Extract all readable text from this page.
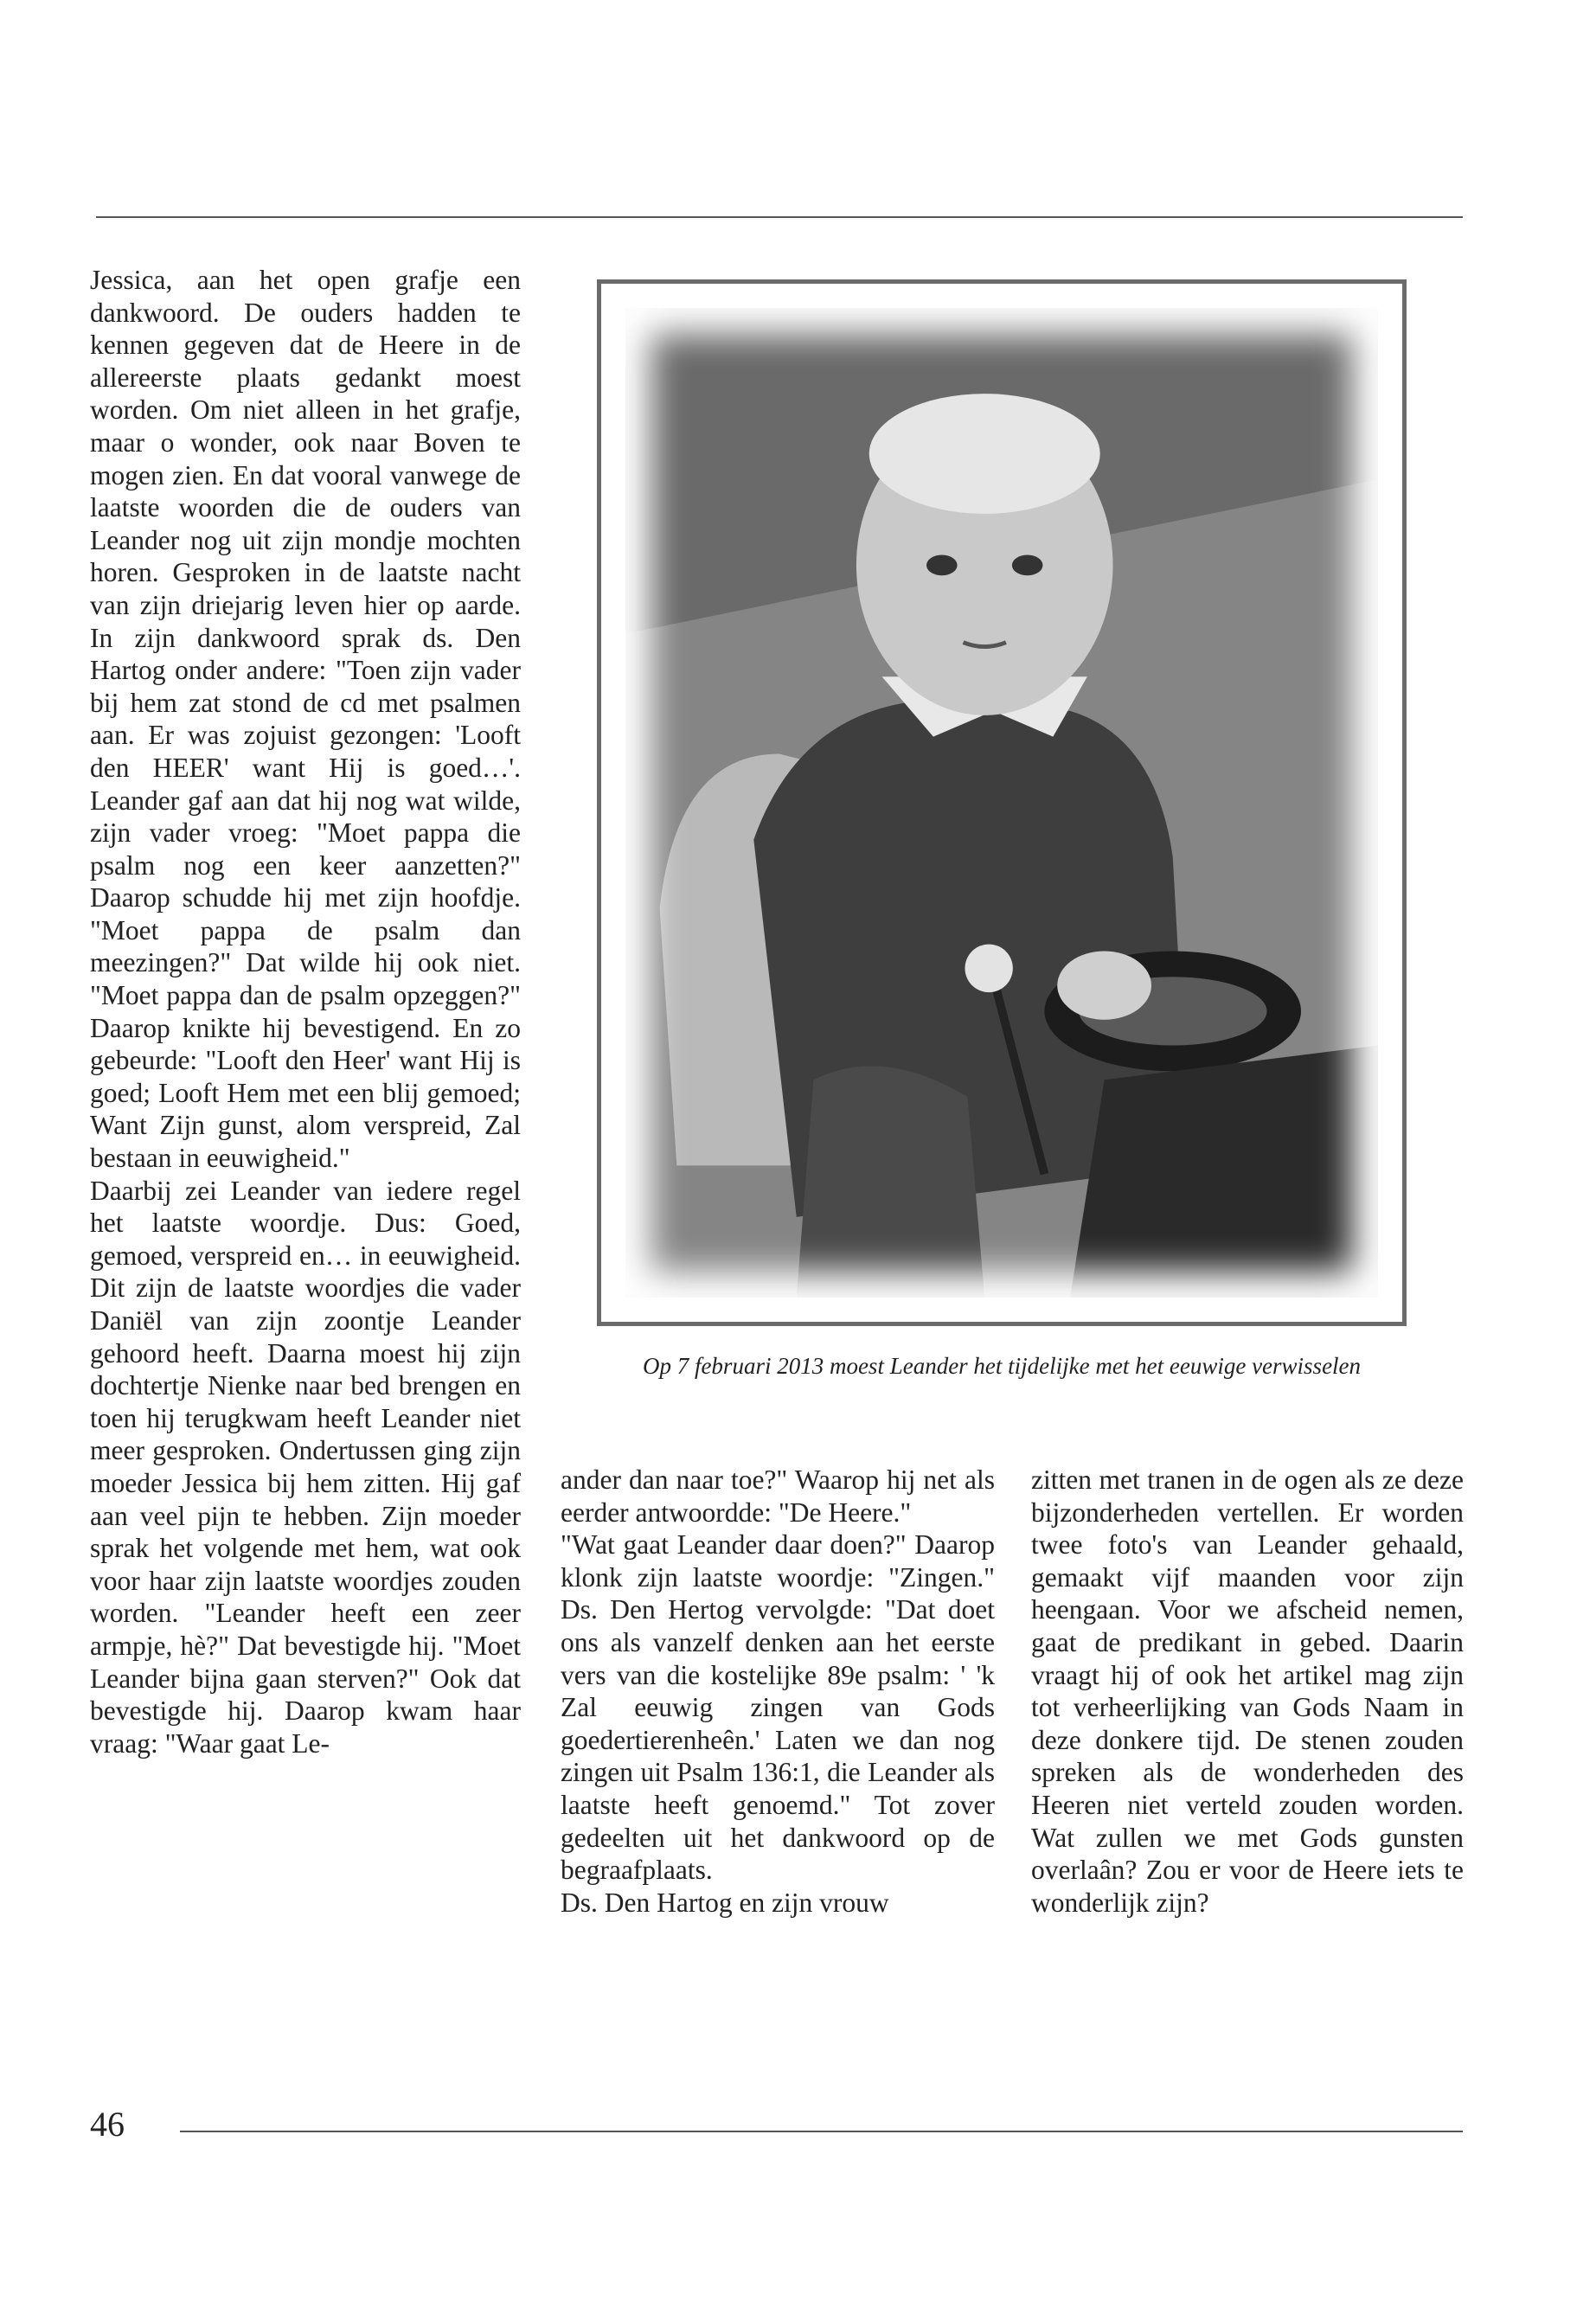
Jessica, aan het open grafje een dankwoord. De ouders hadden te kennen gegeven dat de Heere in de allereerste plaats gedankt moest worden. Om niet alleen in het grafje, maar o wonder, ook naar Boven te mogen zien. En dat vooral vanwege de laatste woorden die de ouders van Leander nog uit zijn mondje mochten horen. Gesproken in de laatste nacht van zijn driejarig leven hier op aarde. In zijn dankwoord sprak ds. Den Hartog onder andere: "Toen zijn vader bij hem zat stond de cd met psalmen aan. Er was zojuist gezongen: 'Looft den HEER' want Hij is goed…'. Leander gaf aan dat hij nog wat wilde, zijn vader vroeg: "Moet pappa die psalm nog een keer aanzetten?" Daarop schudde hij met zijn hoofdje. "Moet pappa de psalm dan meezingen?" Dat wilde hij ook niet. "Moet pappa dan de psalm opzeggen?" Daarop knikte hij bevestigend. En zo gebeurde: "Looft den Heer' want Hij is goed; Looft Hem met een blij gemoed; Want Zijn gunst, alom verspreid, Zal bestaan in eeuwigheid."

Daarbij zei Leander van iedere regel het laatste woordje. Dus: Goed, gemoed, verspreid en… in eeuwigheid. Dit zijn de laatste woordjes die vader Daniël van zijn zoontje Leander gehoord heeft. Daarna moest hij zijn dochtertje Nienke naar bed brengen en toen hij terugkwam heeft Leander niet meer gesproken. Ondertussen ging zijn moeder Jessica bij hem zitten. Hij gaf aan veel pijn te hebben. Zijn moeder sprak het volgende met hem, wat ook voor haar zijn laatste woordjes zouden worden. "Leander heeft een zeer armpje, hè?" Dat bevestigde hij. "Moet Leander bijna gaan sterven?" Ook dat bevestigde hij. Daarop kwam haar vraag: "Waar gaat Le-

Op 7 februari 2013 moest Leander het tijdelijke met het eeuwige verwisselen

ander dan naar toe?" Waarop hij net als eerder antwoordde: "De Heere."

"Wat gaat Leander daar doen?" Daarop klonk zijn laatste woordje: "Zingen." Ds. Den Hertog vervolgde: "Dat doet ons als vanzelf denken aan het eerste vers van die kostelijke 89e psalm: ' 'k Zal eeuwig zingen van Gods goedertierenheên.' Laten we dan nog zingen uit Psalm 136:1, die Leander als laatste heeft genoemd." Tot zover gedeelten uit het dankwoord op de begraafplaats.

Ds. Den Hartog en zijn vrouw

zitten met tranen in de ogen als ze deze bijzonderheden vertellen. Er worden twee foto's van Leander gehaald, gemaakt vijf maanden voor zijn heengaan. Voor we afscheid nemen, gaat de predikant in gebed. Daarin vraagt hij of ook het artikel mag zijn tot verheerlijking van Gods Naam in deze donkere tijd. De stenen zouden spreken als de wonderheden des Heeren niet verteld zouden worden. Wat zullen we met Gods gunsten overlaân? Zou er voor de Heere iets te wonderlijk zijn?

46
